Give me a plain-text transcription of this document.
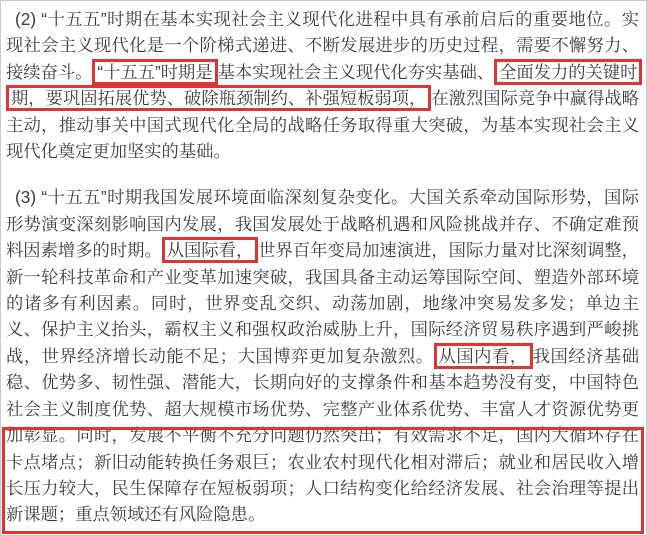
(2) “十五五”时期在基本实现社会主义现代化进程中具有承前启后的重要地位。实现社会主义现代化是一个阶梯式递进、不断发展进步的历史过程，需要不懈努力、接续奋斗。 “十五五”时期是 基本实现社会主义现代化夯实基础、 全面发力的关键时期，要巩固拓展优势、破除瓶颈制约、补强短板弱项， 在激烈国际竞争中赢得战略主动，推动事关中国式现代化全局的战略任务取得重大突破，为基本实现社会主义现代化奠定更加坚实的基础。

(3) “十五五”时期我国发展环境面临深刻复杂变化。大国关系牵动国际形势，国际形势演变深刻影响国内发展，我国发展处于战略机遇和风险挑战并存、不确定难预料因素增多的时期。 从国际看， 世界百年变局加速演进，国际力量对比深刻调整，新一轮科技革命和产业变革加速突破，我国具备主动运筹国际空间、塑造外部环境的诸多有利因素。同时，世界变乱交织、动荡加剧，地缘冲突易发多发；单边主义、保护主义抬头，霸权主义和强权政治威胁上升，国际经济贸易秩序遇到严峻挑战，世界经济增长动能不足；大国博弈更加复杂激烈。 从国内看， 我国经济基础稳、优势多、韧性强、潜能大，长期向好的支撑条件和基本趋势没有变，中国特色社会主义制度优势、超大规模市场优势、完整产业体系优势、丰富人才资源优势更加彰显。同时，发展不平衡不充分问题仍然突出；有效需求不足，国内大循环存在卡点堵点；新旧动能转换任务艰巨；农业农村现代化相对滞后；就业和居民收入增长压力较大，民生保障存在短板弱项；人口结构变化给经济发展、社会治理等提出新课题；重点领域还有风险隐患。
